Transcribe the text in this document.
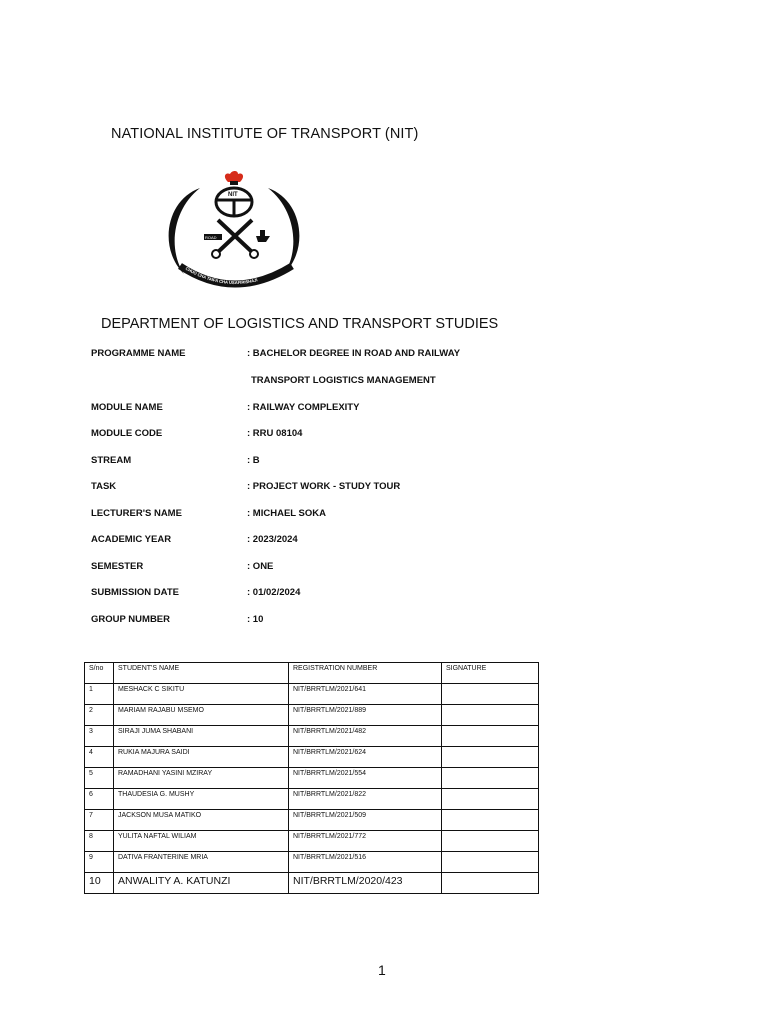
NATIONAL INSTITUTE OF TRANSPORT (NIT)
NIT
ROAD
CHUO CHA TAIFA CHA USAFIRISHAJI
DEPARTMENT OF LOGISTICS AND TRANSPORT STUDIES
PROGRAMME NAME	: BACHELOR DEGREE IN ROAD AND RAILWAY
TRANSPORT LOGISTICS MANAGEMENT
MODULE NAME	: RAILWAY COMPLEXITY
MODULE CODE	: RRU 08104
STREAM	: B
TASK	: PROJECT WORK - STUDY TOUR
LECTURER'S NAME	: MICHAEL SOKA
ACADEMIC YEAR	: 2023/2024
SEMESTER	: ONE
SUBMISSION DATE	: 01/02/2024
GROUP NUMBER	: 10
S/no	STUDENT'S NAME	REGISTRATION NUMBER	SIGNATURE
1	MESHACK C SIKITU	NIT/BRRTLM/2021/641	
2	MARIAM RAJABU MSEMO	NIT/BRRTLM/2021/889	
3	SIRAJI JUMA SHABANI	NIT/BRRTLM/2021/482	
4	RUKIA MAJURA SAIDI	NIT/BRRTLM/2021/624	
5	RAMADHANI YASINI MZIRAY	NIT/BRRTLM/2021/554	
6	THAUDESIA G. MUSHY	NIT/BRRTLM/2021/822	
7	JACKSON MUSA MATIKO	NIT/BRRTLM/2021/509	
8	YULITA NAFTAL WILIAM	NIT/BRRTLM/2021/772	
9	DATIVA FRANTERINE MRIA	NIT/BRRTLM/2021/516	
10	ANWALITY A. KATUNZI	NIT/BRRTLM/2020/423	
1
